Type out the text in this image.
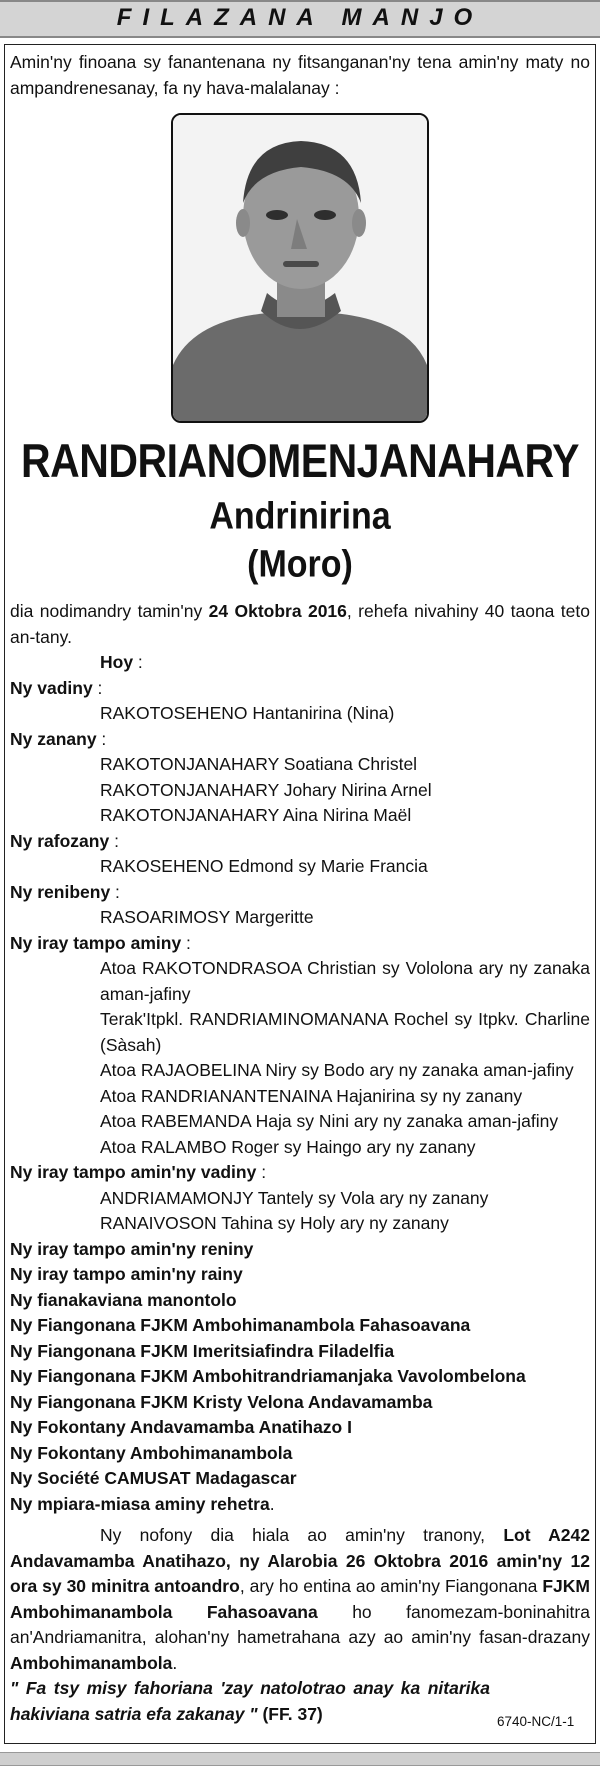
FILAZANA MANJO
Amin'ny finoana sy fanantenana ny fitsanganan'ny tena amin'ny maty no ampandrenesanay, fa ny hava-malalanay :
RANDRIANOMENJANAHARY
Andrinirina
(Moro)
dia nodimandry tamin'ny 24 Oktobra 2016, rehefa nivahiny 40 taona teto an-tany.
Hoy :
Ny vadiny :
RAKOTOSEHENO Hantanirina (Nina)
Ny zanany :
RAKOTONJANAHARY Soatiana Christel
RAKOTONJANAHARY Johary Nirina Arnel
RAKOTONJANAHARY Aina Nirina Maël
Ny rafozany :
RAKOSEHENO Edmond sy Marie Francia
Ny renibeny :
RASOARIMOSY Margeritte
Ny iray tampo aminy :
Atoa RAKOTONDRASOA Christian sy Vololona ary ny zanaka aman-jafiny
Terak'Itpkl. RANDRIAMINOMANANA Rochel sy Itpkv. Charline (Sàsah)
Atoa RAJAOBELINA Niry sy Bodo ary ny zanaka aman-jafiny
Atoa RANDRIANANTENAINA Hajanirina sy ny zanany
Atoa RABEMANDA Haja sy Nini ary ny zanaka aman-jafiny
Atoa RALAMBO Roger sy Haingo ary ny zanany
Ny iray tampo amin'ny vadiny :
ANDRIAMAMONJY Tantely sy Vola ary ny zanany
RANAIVOSON Tahina sy Holy ary ny zanany
Ny iray tampo amin'ny reniny
Ny iray tampo amin'ny rainy
Ny fianakaviana manontolo
Ny Fiangonana FJKM Ambohimanambola Fahasoavana
Ny Fiangonana FJKM Imeritsiafindra Filadelfia
Ny Fiangonana FJKM Ambohitrandriamanjaka Vavolombelona
Ny Fiangonana FJKM Kristy Velona Andavamamba
Ny Fokontany Andavamamba Anatihazo I
Ny Fokontany Ambohimanambola
Ny Société CAMUSAT Madagascar
Ny mpiara-miasa aminy rehetra.
Ny nofony dia hiala ao amin'ny tranony, Lot A242 Andavamamba Anatihazo, ny Alarobia 26 Oktobra 2016 amin'ny 12 ora sy 30 minitra antoandro, ary ho entina ao amin'ny Fiangonana FJKM Ambohimanambola Fahasoavana ho fanomezam-boninahitra an'Andriamanitra, alohan'ny hametrahana azy ao amin'ny fasan-drazany Ambohimanambola.
" Fa tsy misy fahoriana 'zay natolotrao anay ka nitarika hakiviana satria efa zakanay " (FF. 37)	6740-NC/1-1
